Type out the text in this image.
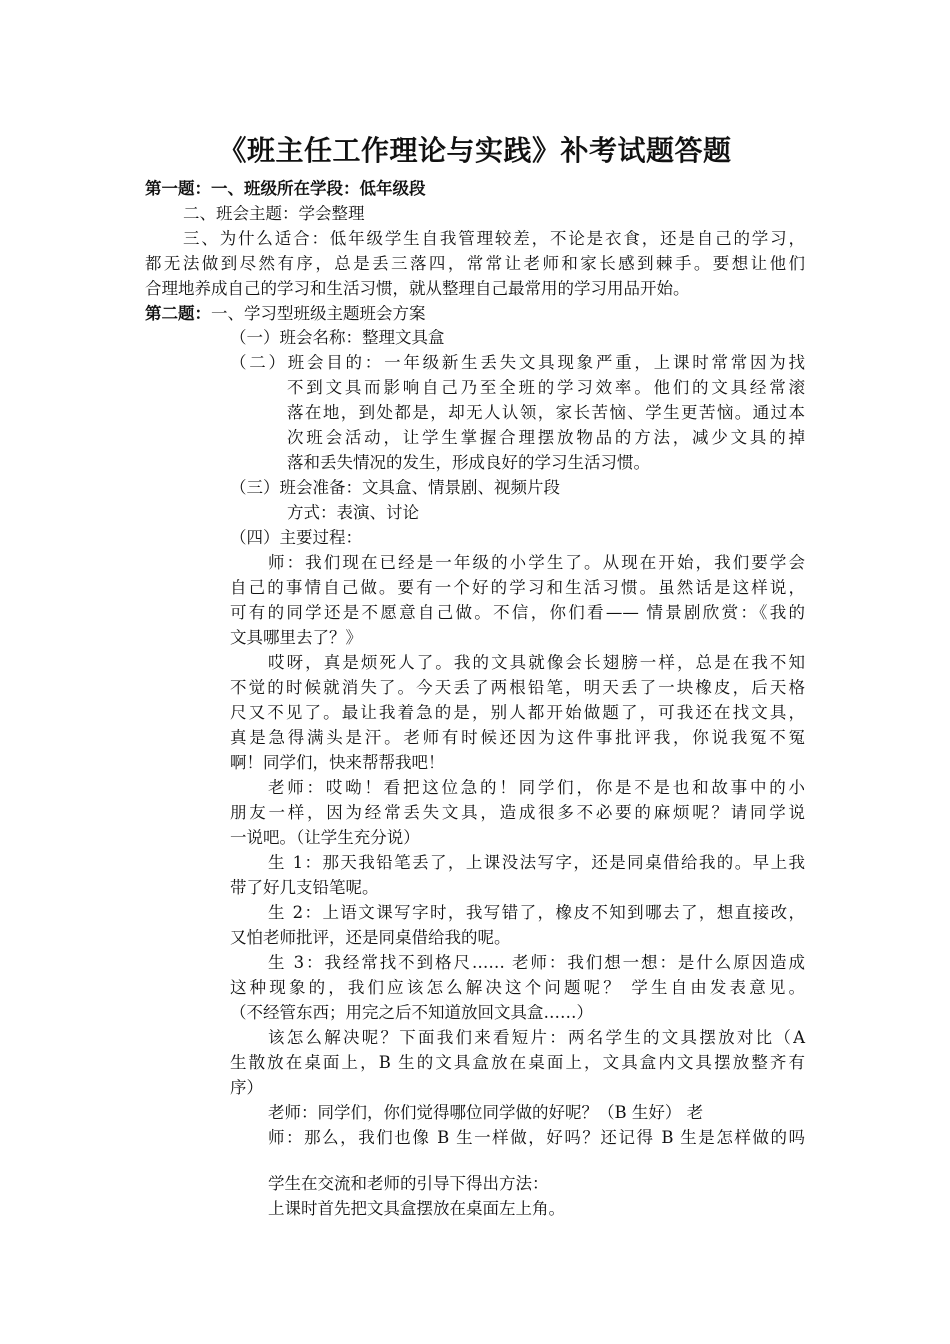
《班主任工作理论与实践》补考试题答题
第一题：一、班级所在学段：低年级段
二、班会主题：学会整理
三、为什么适合：低年级学生自我管理较差，不论是衣食，还是自己的学习，
都无法做到尽然有序，总是丢三落四，常常让老师和家长感到棘手。要想让他们
合理地养成自己的学习和生活习惯，就从整理自己最常用的学习用品开始。
第二题：一、学习型班级主题班会方案
（一）班会名称：整理文具盒
（二）班会目的：一年级新生丢失文具现象严重，上课时常常因为找
不到文具而影响自己乃至全班的学习效率。他们的文具经常滚
落在地，到处都是，却无人认领，家长苦恼、学生更苦恼。通过本
次班会活动，让学生掌握合理摆放物品的方法，减少文具的掉
落和丢失情况的发生，形成良好的学习生活习惯。
（三）班会准备：文具盒、情景剧、视频片段
方式：表演、讨论
（四）主要过程：
师：我们现在已经是一年级的小学生了。从现在开始，我们要学会
自己的事情自己做。要有一个好的学习和生活习惯。虽然话是这样说，
可有的同学还是不愿意自己做。不信，你们看—— 情景剧欣赏：《我的
文具哪里去了？》
哎呀，真是烦死人了。我的文具就像会长翅膀一样，总是在我不知
不觉的时候就消失了。今天丢了两根铅笔，明天丢了一块橡皮，后天格
尺又不见了。最让我着急的是，别人都开始做题了，可我还在找文具，
真是急得满头是汗。老师有时候还因为这件事批评我，你说我冤不冤
啊！同学们，快来帮帮我吧！
老师：哎呦！看把这位急的！同学们，你是不是也和故事中的小
朋友一样，因为经常丢失文具，造成很多不必要的麻烦呢？请同学说
一说吧。（让学生充分说）
生 1：那天我铅笔丢了，上课没法写字，还是同桌借给我的。早上我
带了好几支铅笔呢。
生 2：上语文课写字时，我写错了，橡皮不知到哪去了，想直接改，
又怕老师批评，还是同桌借给我的呢。
生 3：我经常找不到格尺…… 老师：我们想一想：是什么原因造成
这种现象的，我们应该怎么解决这个问题呢？ 学生自由发表意见。
（不经管东西；用完之后不知道放回文具盒……）
该怎么解决呢？下面我们来看短片：两名学生的文具摆放对比（A
生散放在桌面上，B 生的文具盒放在桌面上，文具盒内文具摆放整齐有
序）
老师：同学们，你们觉得哪位同学做的好呢？（B 生好） 老
师：那么，我们也像 B 生一样做，好吗？还记得 B 生是怎样做的吗
学生在交流和老师的引导下得出方法：
上课时首先把文具盒摆放在桌面左上角。
